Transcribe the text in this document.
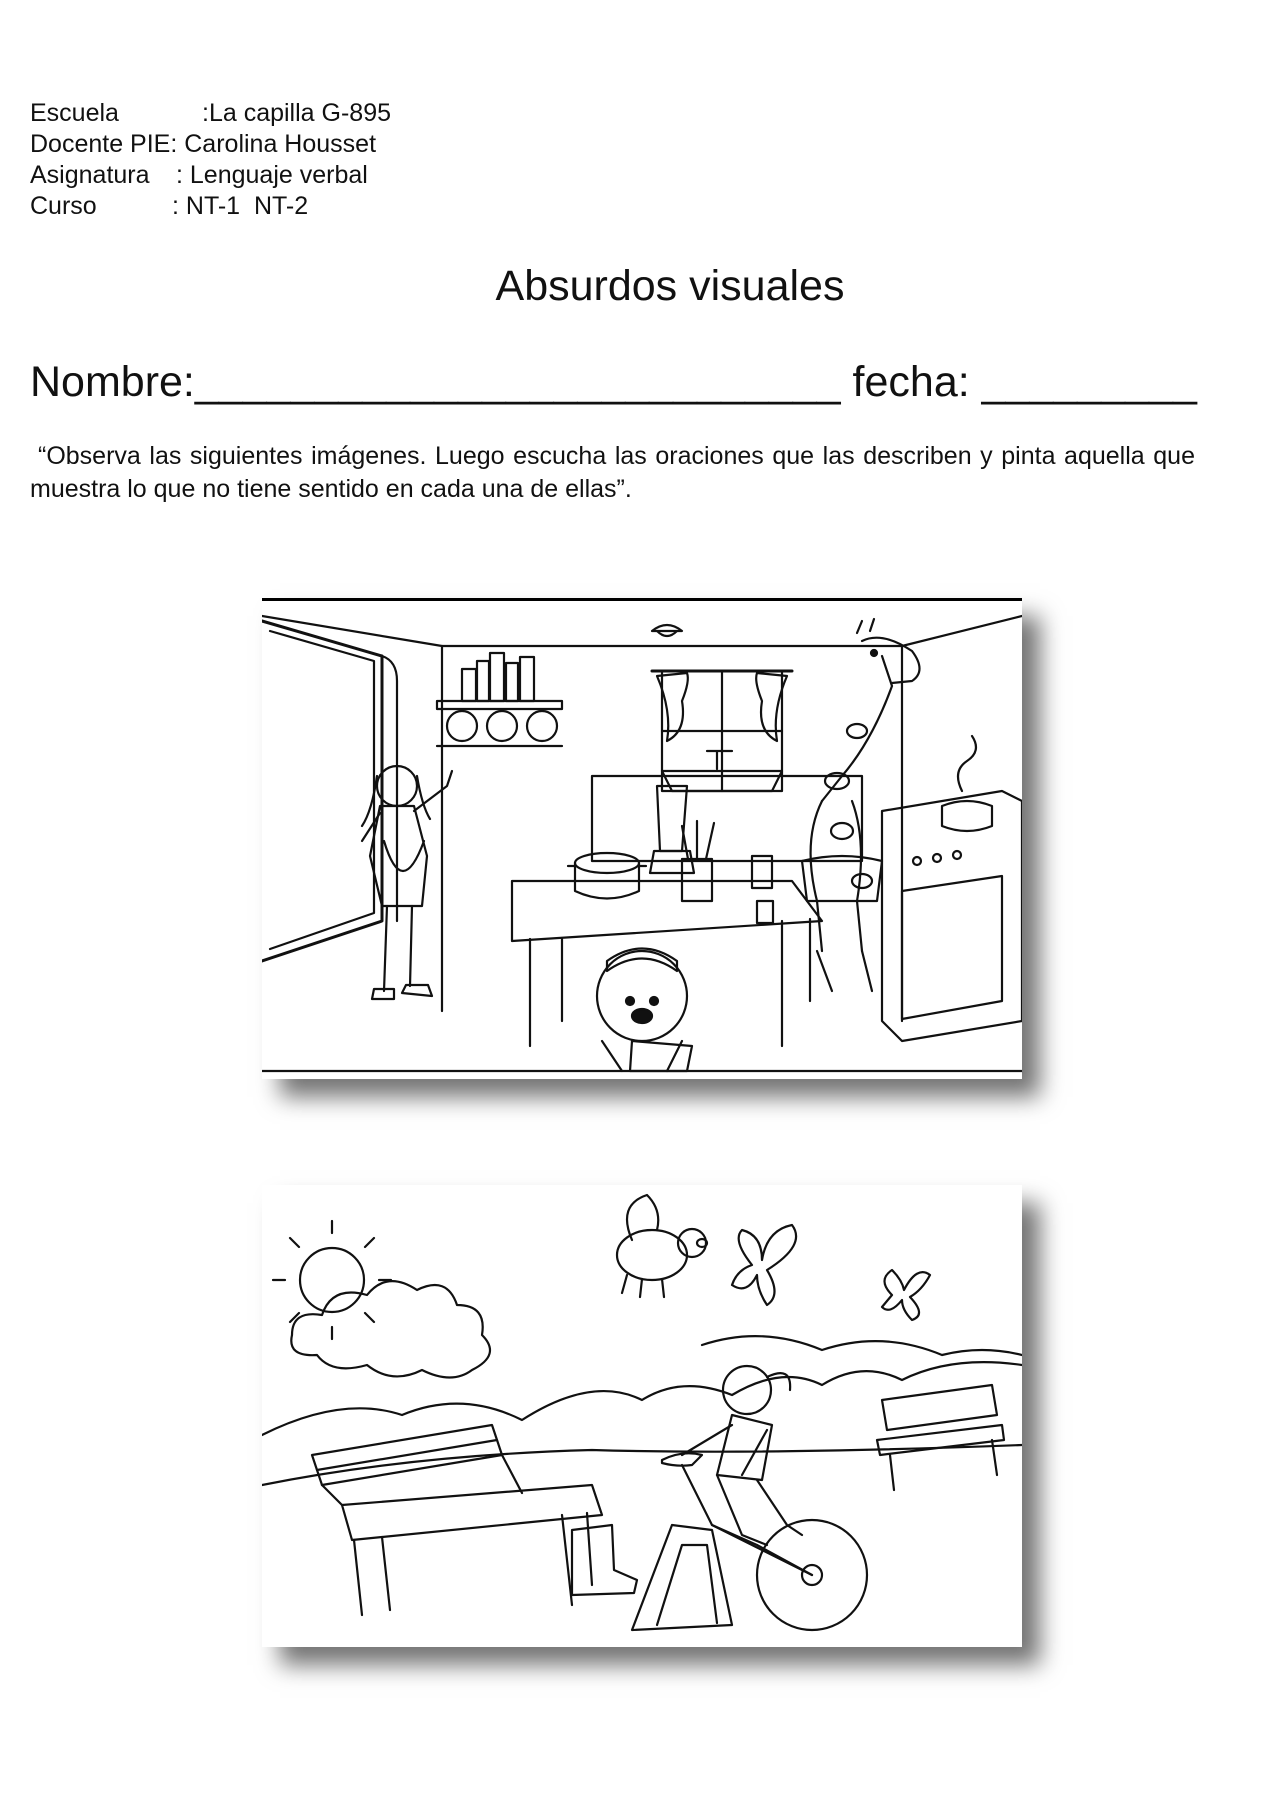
Escuela	:La capilla G-895
Docente PIE : Carolina Housset
Asignatura	: Lenguaje verbal
Curso	: NT-1  NT-2
Absurdos visuales
Nombre:___________________________ fecha: _________

“Observa las siguientes imágenes. Luego escucha las oraciones que las describen y pinta aquella que muestra lo que no tiene sentido en cada una de ellas”.
